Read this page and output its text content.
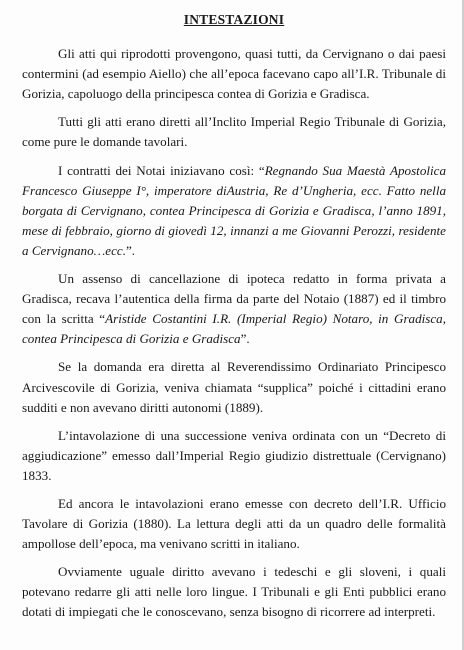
INTESTAZIONI

Gli atti qui riprodotti provengono, quasi tutti, da Cervignano o dai paesi contermini (ad esempio Aiello) che all’epoca facevano capo all’I.R. Tribunale di Gorizia, capoluogo della principesca contea di Gorizia e Gradisca.

Tutti gli atti erano diretti all’Inclito Imperial Regio Tribunale di Gorizia, come pure le domande tavolari.

I contratti dei Notai iniziavano così: “Regnando Sua Maestà Apostolica Francesco Giuseppe I°, imperatore diAustria, Re d’Ungheria, ecc. Fatto nella borgata di Cervignano, contea Principesca di Gorizia e Gradisca, l’anno 1891, mese di febbraio, giorno di giovedì 12, innanzi a me Giovanni Perozzi, residente a Cervignano…ecc.”.

Un assenso di cancellazione di ipoteca redatto in forma privata a Gradisca, recava l’autentica della firma da parte del Notaio (1887) ed il timbro con la scritta “Aristide Costantini I.R. (Imperial Regio) Notaro, in Gradisca, contea Principesca di Gorizia e Gradisca”.

Se la domanda era diretta al Reverendissimo Ordinariato Principesco Arcivescovile di Gorizia, veniva chiamata “supplica” poiché i cittadini erano sudditi e non avevano diritti autonomi (1889).

L’intavolazione di una successione veniva ordinata con un “Decreto di aggiudicazione” emesso dall’Imperial Regio giudizio distrettuale (Cervignano) 1833.

Ed ancora le intavolazioni erano emesse con decreto dell’I.R. Ufficio Tavolare di Gorizia (1880). La lettura degli atti da un quadro delle formalità ampollose dell’epoca, ma venivano scritti in italiano.

Ovviamente uguale diritto avevano i tedeschi e gli sloveni, i quali potevano redarre gli atti nelle loro lingue. I Tribunali e gli Enti pubblici erano dotati di impiegati che le conoscevano, senza bisogno di ricorrere ad interpreti.
